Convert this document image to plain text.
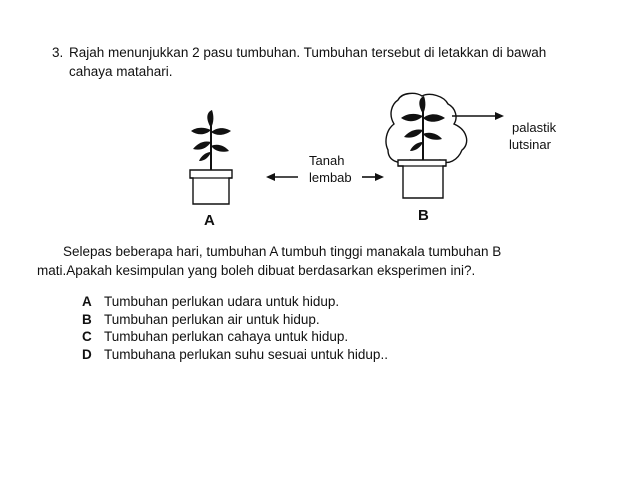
3. Rajah menunjukkan 2 pasu tumbuhan. Tumbuhan tersebut di letakkan di bawah
cahaya matahari.
Tanah
lembab
palastik
lutsinar
A	B
Selepas beberapa hari, tumbuhan A tumbuh tinggi manakala tumbuhan B
mati.Apakah kesimpulan yang boleh dibuat berdasarkan eksperimen ini?.
A Tumbuhan perlukan udara untuk hidup.
B Tumbuhan perlukan air untuk hidup.
C Tumbuhan perlukan cahaya untuk hidup.
D Tumbuhana perlukan suhu sesuai untuk hidup..
